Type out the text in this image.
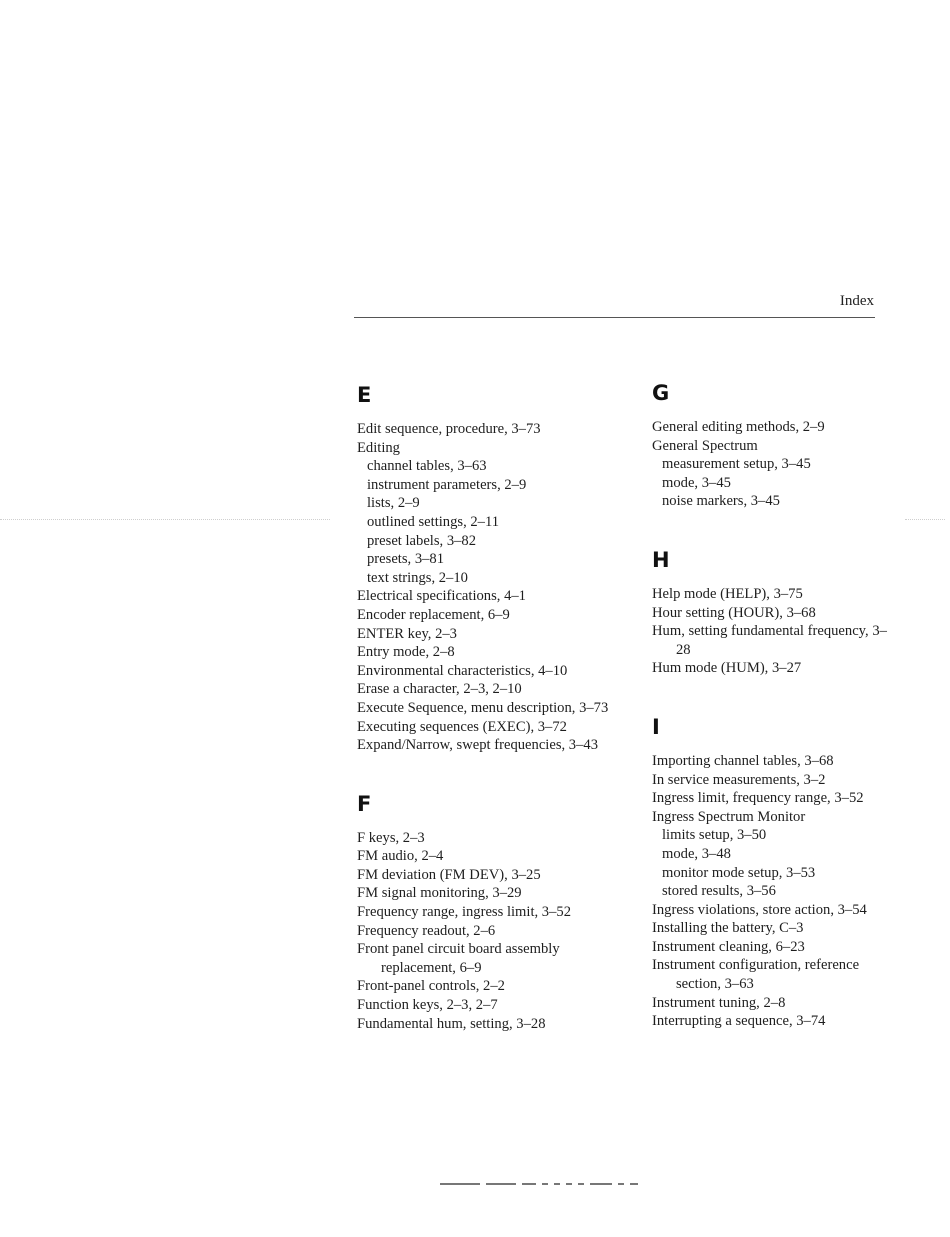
Index
E
Edit sequence, procedure, 3–73
Editing
channel tables, 3–63
instrument parameters, 2–9
lists, 2–9
outlined settings, 2–11
preset labels, 3–82
presets, 3–81
text strings, 2–10
Electrical specifications, 4–1
Encoder replacement, 6–9
ENTER key, 2–3
Entry mode, 2–8
Environmental characteristics, 4–10
Erase a character, 2–3, 2–10
Execute Sequence, menu description, 3–73
Executing sequences (EXEC), 3–72
Expand/Narrow, swept frequencies, 3–43
F
F keys, 2–3
FM audio, 2–4
FM deviation (FM DEV), 3–25
FM signal monitoring, 3–29
Frequency range, ingress limit, 3–52
Frequency readout, 2–6
Front panel circuit board assembly replacement, 6–9
Front-panel controls, 2–2
Function keys, 2–3, 2–7
Fundamental hum, setting, 3–28
G
General editing methods, 2–9
General Spectrum
measurement setup, 3–45
mode, 3–45
noise markers, 3–45
H
Help mode (HELP), 3–75
Hour setting (HOUR), 3–68
Hum, setting fundamental frequency, 3–28
Hum mode (HUM), 3–27
I
Importing channel tables, 3–68
In service measurements, 3–2
Ingress limit, frequency range, 3–52
Ingress Spectrum Monitor
limits setup, 3–50
mode, 3–48
monitor mode setup, 3–53
stored results, 3–56
Ingress violations, store action, 3–54
Installing the battery, C–3
Instrument cleaning, 6–23
Instrument configuration, reference section, 3–63
Instrument tuning, 2–8
Interrupting a sequence, 3–74
